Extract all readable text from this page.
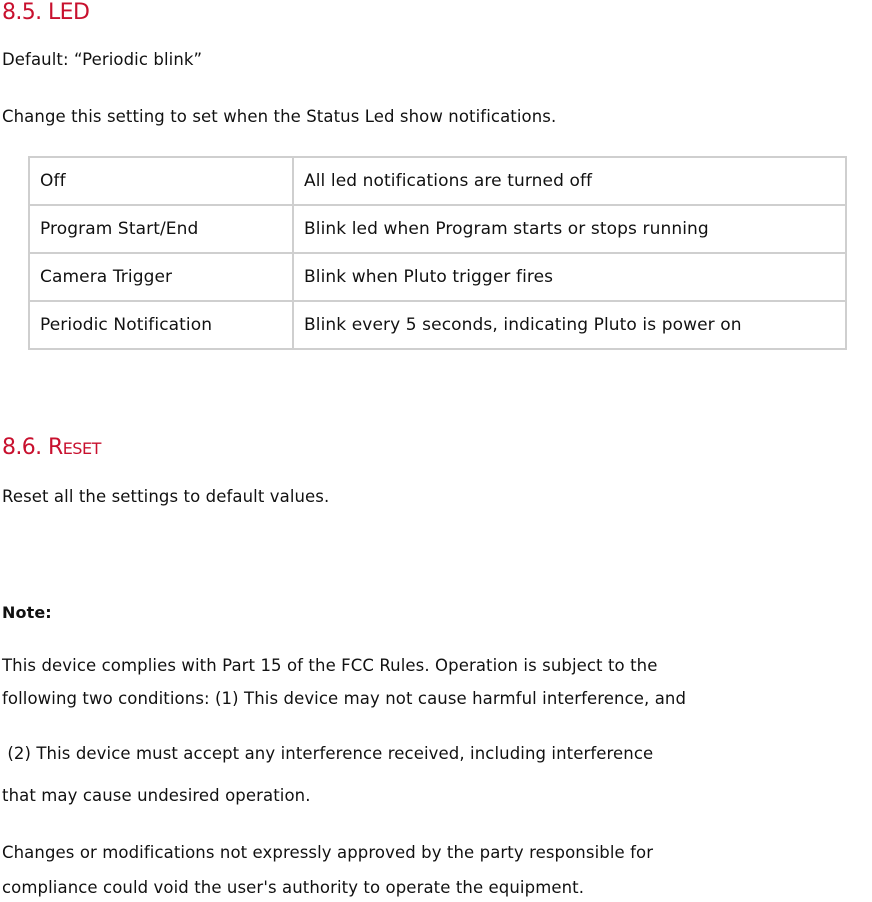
8.5. LED

Default: “Periodic blink”

Change this setting to set when the Status Led show notifications.

Off	All led notifications are turned off
Program Start/End	Blink led when Program starts or stops running
Camera Trigger	Blink when Pluto trigger fires
Periodic Notification	Blink every 5 seconds, indicating Pluto is power on
8.6. RESET

Reset all the settings to default values.

Note:

This device complies with Part 15 of the FCC Rules. Operation is subject to the

following two conditions: (1) This device may not cause harmful interference, and

(2) This device must accept any interference received, including interference

that may cause undesired operation.

Changes or modifications not expressly approved by the party responsible for

compliance could void the user's authority to operate the equipment.
